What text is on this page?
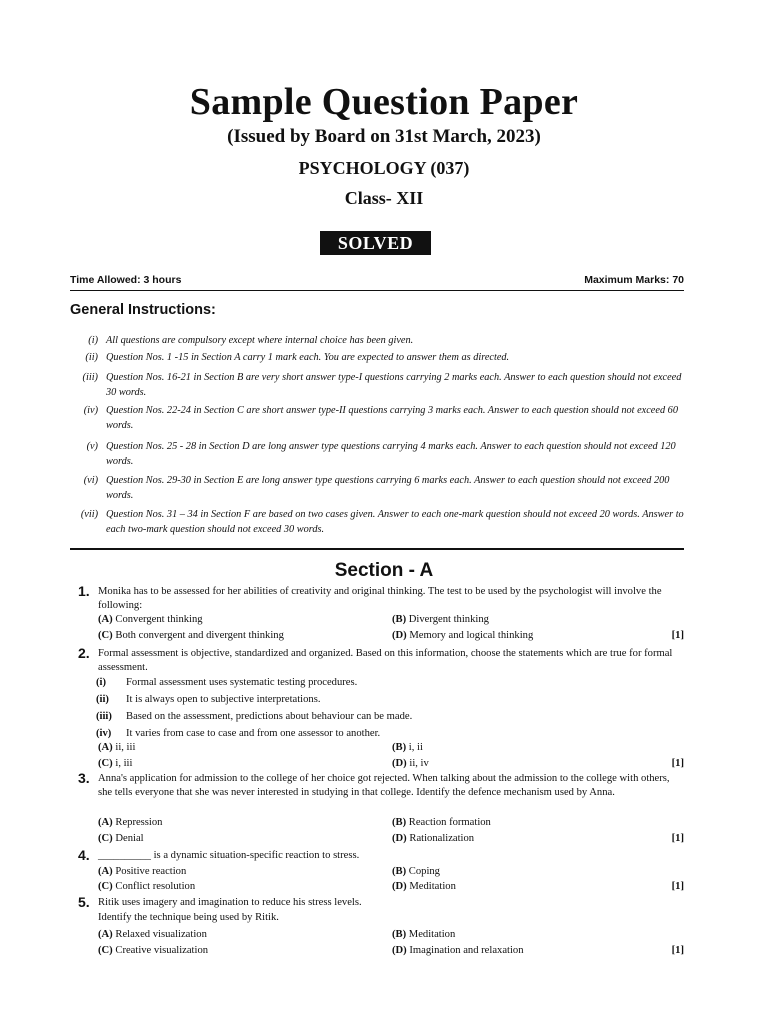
Sample Question Paper
(Issued by Board on 31st March, 2023)
PSYCHOLOGY (037)
Class- XII
SOLVED
Time Allowed: 3 hours	Maximum Marks: 70
General Instructions:
(i) All questions are compulsory except where internal choice has been given.
(ii) Question Nos. 1 -15 in Section A carry 1 mark each. You are expected to answer them as directed.
(iii) Question Nos. 16-21 in Section B are very short answer type-I questions carrying 2 marks each. Answer to each question should not exceed 30 words.
(iv) Question Nos. 22-24 in Section C are short answer type-II questions carrying 3 marks each. Answer to each question should not exceed 60 words.
(v) Question Nos. 25 - 28 in Section D are long answer type questions carrying 4 marks each. Answer to each question should not exceed 120 words.
(vi) Question Nos. 29-30 in Section E are long answer type questions carrying 6 marks each. Answer to each question should not exceed 200 words.
(vii) Question Nos. 31 – 34 in Section F are based on two cases given. Answer to each one-mark question should not exceed 20 words. Answer to each two-mark question should not exceed 30 words.
Section - A
1. Monika has to be assessed for her abilities of creativity and original thinking. The test to be used by the psychologist will involve the following:
(A) Convergent thinking	(B) Divergent thinking
(C) Both convergent and divergent thinking	(D) Memory and logical thinking	[1]
2. Formal assessment is objective, standardized and organized. Based on this information, choose the statements which are true for formal assessment.
(i) Formal assessment uses systematic testing procedures.
(ii) It is always open to subjective interpretations.
(iii) Based on the assessment, predictions about behaviour can be made.
(iv) It varies from case to case and from one assessor to another.
(A) ii, iii	(B) i, ii
(C) i, iii	(D) ii, iv	[1]
3. Anna's application for admission to the college of her choice got rejected. When talking about the admission to the college with others, she tells everyone that she was never interested in studying in that college. Identify the defence mechanism used by Anna.
(A) Repression	(B) Reaction formation
(C) Denial	(D) Rationalization	[1]
4. __________ is a dynamic situation-specific reaction to stress.
(A) Positive reaction	(B) Coping
(C) Conflict resolution	(D) Meditation	[1]
5. Ritik uses imagery and imagination to reduce his stress levels.
Identify the technique being used by Ritik.
(A) Relaxed visualization	(B) Meditation
(C) Creative visualization	(D) Imagination and relaxation	[1]
